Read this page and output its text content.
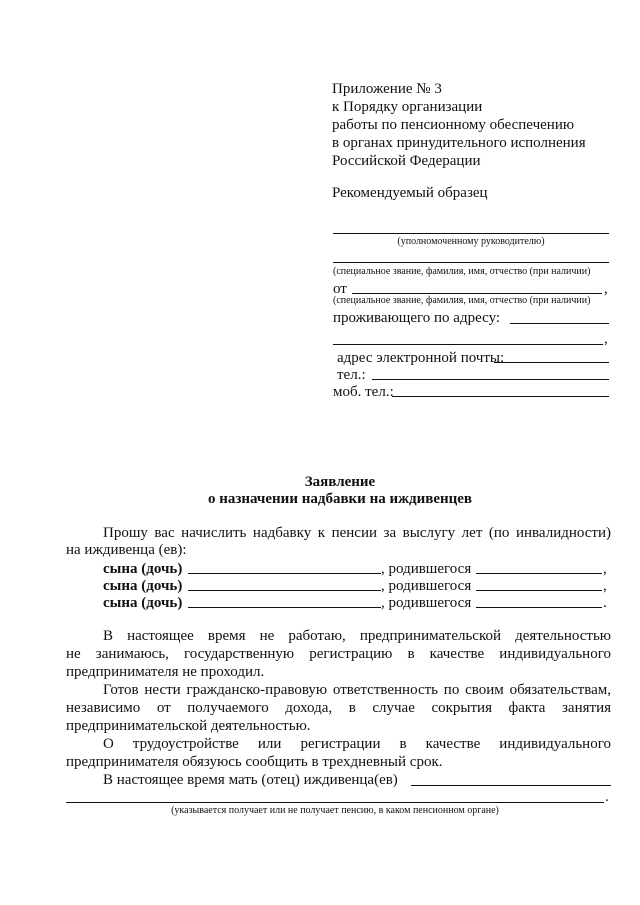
Приложение № 3
к Порядку организации
работы по пенсионному обеспечению
в органах принудительного исполнения
Российской Федерации
Рекомендуемый образец
(уполномоченному руководителю)
(специальное звание, фамилия, имя, отчество (при наличии)
от	,
(специальное звание, фамилия, имя, отчество (при наличии)
проживающего по адресу:
,
адрес электронной почты:
тел.:
моб. тел.:
Заявление
о назначении надбавки на иждивенцев
Прошу вас начислить надбавку к пенсии за выслугу лет (по инвалидности)
на иждивенца (ев):
сына (дочь)	, родившегося	,
сына (дочь)	, родившегося	,
сына (дочь)	, родившегося	.
В настоящее время не работаю, предпринимательской деятельностью
не занимаюсь, государственную регистрацию в качестве индивидуального
предпринимателя не проходил.
Готов нести гражданско-правовую ответственность по своим обязательствам,
независимо от получаемого дохода, в случае сокрытия факта занятия
предпринимательской деятельностью.
О трудоустройстве или регистрации в качестве индивидуального
предпринимателя обязуюсь сообщить в трехдневный срок.
В настоящее время мать (отец) иждивенца(ев)
.
(указывается получает или не получает пенсию, в каком пенсионном органе)
